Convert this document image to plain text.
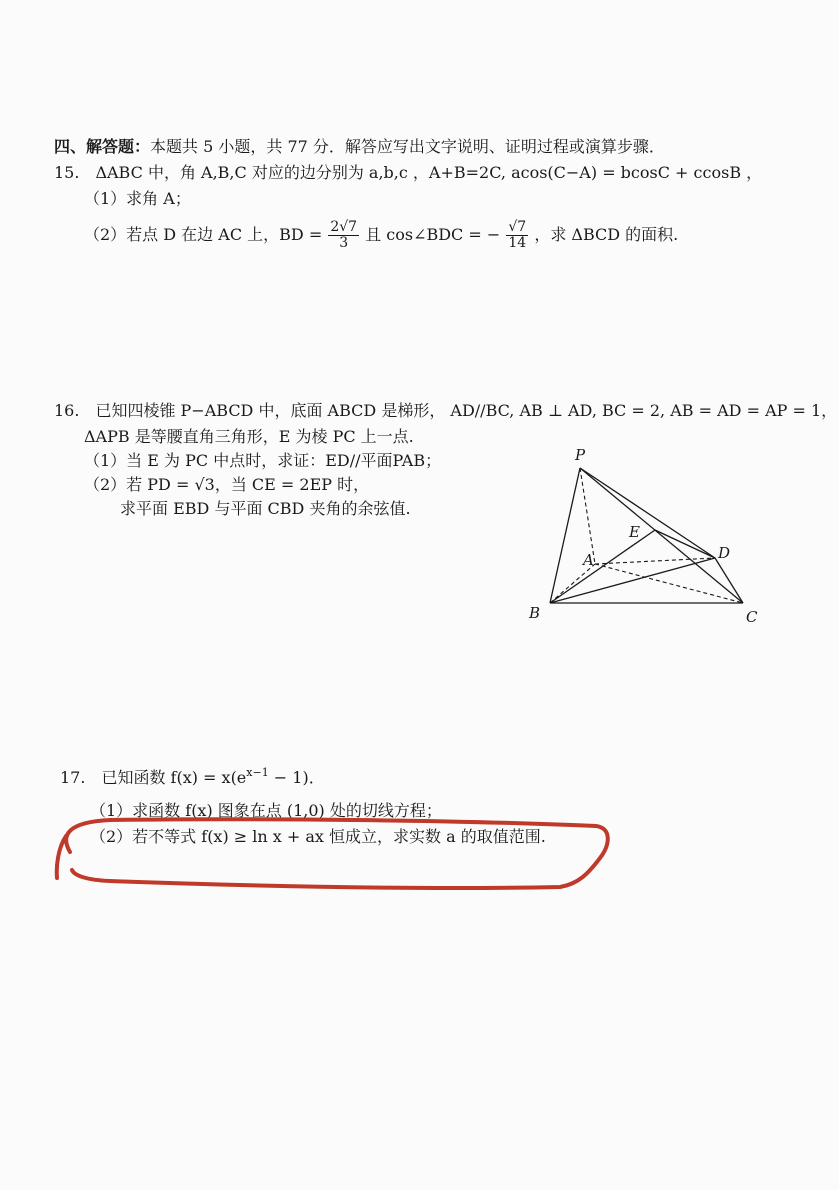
四、解答题：本题共 5 小题，共 77 分．解答应写出文字说明、证明过程或演算步骤．
15.　ΔABC 中，角 A,B,C 对应的边分别为 a,b,c ，A+B=2C, acos(C−A) = bcosC + ccosB ，
（1）求角 A；
（2）若点 D 在边 AC 上，BD = $\frac{2√7}{3}$ 且 cos∠BDC = − $\frac{√7}{14}$ ，求 ΔBCD 的面积.
16.　已知四棱锥 P−ABCD 中，底面 ABCD 是梯形， AD//BC, AB ⊥ AD, BC = 2, AB = AD = AP = 1，
ΔAPB 是等腰直角三角形，E 为棱 PC 上一点.
（1）当 E 为 PC 中点时，求证：ED//平面PAB；
（2）若 PD = √3，当 CE = 2EP 时，
求平面 EBD 与平面 CBD 夹角的余弦值.
P
A
B	C
D
E
17.　已知函数 $f(x) = x(e^{x-1} - 1)$．
（1）求函数 f(x) 图象在点 (1,0) 处的切线方程；
（2）若不等式 f(x) ≥ ln x + ax 恒成立，求实数 a 的取值范围.
